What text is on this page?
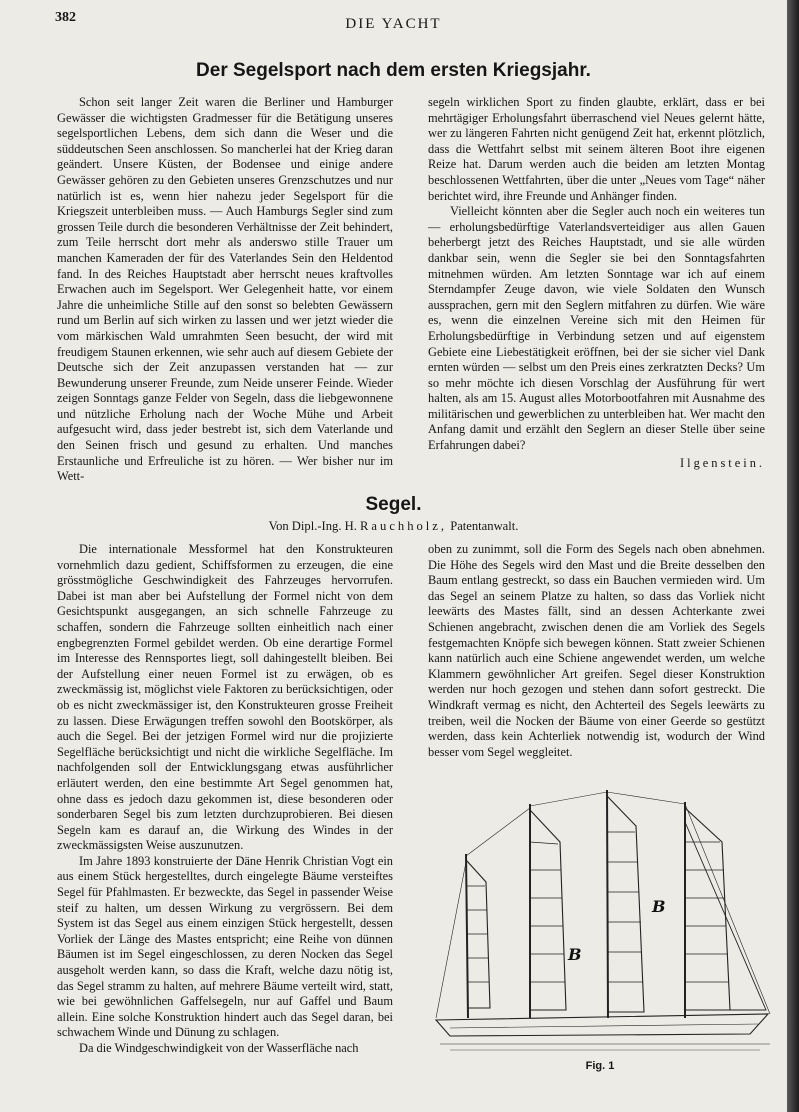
382	DIE YACHT
Der Segelsport nach dem ersten Kriegsjahr.

Schon seit langer Zeit waren die Berliner und Hamburger Gewässer die wichtigsten Gradmesser für die Betätigung unseres segelsportlichen Lebens, dem sich dann die Weser und die süddeutschen Seen anschlossen. So mancherlei hat der Krieg daran geändert. Unsere Küsten, der Bodensee und einige andere Gewässer gehören zu den Gebieten unseres Grenzschutzes und nur natürlich ist es, wenn hier nahezu jeder Segelsport für die Kriegszeit unterbleiben muss. — Auch Hamburgs Segler sind zum grossen Teile durch die besonderen Verhältnisse der Zeit behindert, zum Teile herrscht dort mehr als anderswo stille Trauer um manchen Kameraden der für des Vaterlandes Sein den Heldentod fand. In des Reiches Hauptstadt aber herrscht neues kraftvolles Erwachen auch im Segelsport. Wer Gelegenheit hatte, vor einem Jahre die unheimliche Stille auf den sonst so belebten Gewässern rund um Berlin auf sich wirken zu lassen und wer jetzt wieder die vom märkischen Wald umrahmten Seen besucht, der wird mit freudigem Staunen erkennen, wie sehr auch auf diesem Gebiete der Deutsche sich der Zeit anzupassen verstanden hat — zur Bewunderung unserer Freunde, zum Neide unserer Feinde. Wieder zeigen Sonntags ganze Felder von Segeln, dass die liebgewonnene und nützliche Erholung nach der Woche Mühe und Arbeit aufgesucht wird, dass jeder bestrebt ist, sich dem Vaterlande und den Seinen frisch und gesund zu erhalten. Und manches Erstaunliche und Erfreuliche ist zu hören. — Wer bisher nur im Wett-

segeln wirklichen Sport zu finden glaubte, erklärt, dass er bei mehrtägiger Erholungsfahrt überraschend viel Neues gelernt hätte, wer zu längeren Fahrten nicht genügend Zeit hat, erkennt plötzlich, dass die Wettfahrt selbst mit seinem älteren Boot ihre eigenen Reize hat. Darum werden auch die beiden am letzten Montag beschlossenen Wettfahrten, über die unter „Neues vom Tage“ näher berichtet wird, ihre Freunde und Anhänger finden.

Vielleicht könnten aber die Segler auch noch ein weiteres tun — erholungsbedürftige Vaterlandsverteidiger aus allen Gauen beherbergt jetzt des Reiches Hauptstadt, und sie alle würden dankbar sein, wenn die Segler sie bei den Sonntagsfahrten mitnehmen würden. Am letzten Sonntage war ich auf einem Sterndampfer Zeuge davon, wie viele Soldaten den Wunsch aussprachen, gern mit den Seglern mitfahren zu dürfen. Wie wäre es, wenn die einzelnen Vereine sich mit den Heimen für Erholungsbedürftige in Verbindung setzen und auf eigenstem Gebiete eine Liebestätigkeit eröffnen, bei der sie sicher viel Dank ernten würden — selbst um den Preis eines zerkratzten Decks? Um so mehr möchte ich diesen Vorschlag der Ausführung für wert halten, als am 15. August alles Motorbootfahren mit Ausnahme des militärischen und gewerblichen zu unterbleiben hat. Wer macht den Anfang damit und erzählt den Seglern an dieser Stelle über seine Erfahrungen dabei?

Ilgenstein.
Segel.
Von Dipl.-Ing. H. Rauchholz, Patentanwalt.

Die internationale Messformel hat den Konstrukteuren vornehmlich dazu gedient, Schiffsformen zu erzeugen, die eine grösstmögliche Geschwindigkeit des Fahrzeuges hervorrufen. Dabei ist man aber bei Aufstellung der Formel nicht von dem Gesichtspunkt ausgegangen, an sich schnelle Fahrzeuge zu schaffen, sondern die Fahrzeuge sollten einheitlich nach einer engbegrenzten Formel gebildet werden. Ob eine derartige Formel im Interesse des Rennsportes liegt, soll dahingestellt bleiben. Bei der Aufstellung einer neuen Formel ist zu erwägen, ob es zweckmässig ist, möglichst viele Faktoren zu berücksichtigen, oder ob es nicht zweckmässiger ist, den Konstrukteuren grosse Freiheit zu lassen. Diese Erwägungen treffen sowohl den Bootskörper, als auch die Segel. Bei der jetzigen Formel wird nur die projizierte Segelfläche berücksichtigt und nicht die wirkliche Segelfläche. Im nachfolgenden soll der Entwicklungsgang etwas ausführlicher erläutert werden, den eine bestimmte Art Segel genommen hat, ohne dass es jedoch dazu gekommen ist, diese besonderen oder sonderbaren Segel bis zum letzten durchzuprobieren. Bei diesen Segeln kam es darauf an, die Wirkung des Windes in der zweckmässigsten Weise auszunutzen.

Im Jahre 1893 konstruierte der Däne Henrik Christian Vogt ein aus einem Stück hergestelltes, durch eingelegte Bäume versteiftes Segel für Pfahlmasten. Er bezweckte, das Segel in passender Weise steif zu halten, um dessen Wirkung zu vergrössern. Bei dem System ist das Segel aus einem einzigen Stück hergestellt, dessen Vorliek der Länge des Mastes entspricht; eine Reihe von dünnen Bäumen ist im Segel eingeschlossen, zu deren Nocken das Segel ausgeholt werden kann, so dass die Kraft, welche dazu nötig ist, das Segel stramm zu halten, auf mehrere Bäume verteilt wird, statt, wie bei gewöhnlichen Gaffelsegeln, nur auf Gaffel und Baum allein. Eine solche Konstruktion hindert auch das Segel daran, bei schwachem Winde und Dünung zu schlagen.

Da die Windgeschwindigkeit von der Wasserfläche nach

oben zu zunimmt, soll die Form des Segels nach oben abnehmen. Die Höhe des Segels wird den Mast und die Breite desselben den Baum entlang gestreckt, so dass ein Bauchen vermieden wird. Um das Segel an seinem Platze zu halten, so dass das Vorliek nicht leewärts des Mastes fällt, sind an dessen Achterkante zwei Schienen angebracht, zwischen denen die am Vorliek des Segels festgemachten Knöpfe sich bewegen können. Statt zweier Schienen kann natürlich auch eine Schiene angewendet werden, um welche Klammern gewöhnlicher Art greifen. Segel dieser Konstruktion werden nur hoch gezogen und stehen dann sofort gestreckt. Die Windkraft vermag es nicht, den Achterteil des Segels leewärts zu treiben, weil die Nocken der Bäume von einer Geerde so gestützt werden, dass kein Achterliek notwendig ist, wodurch der Wind besser vom Segel weggleitet.

B
B
Fig. 1
